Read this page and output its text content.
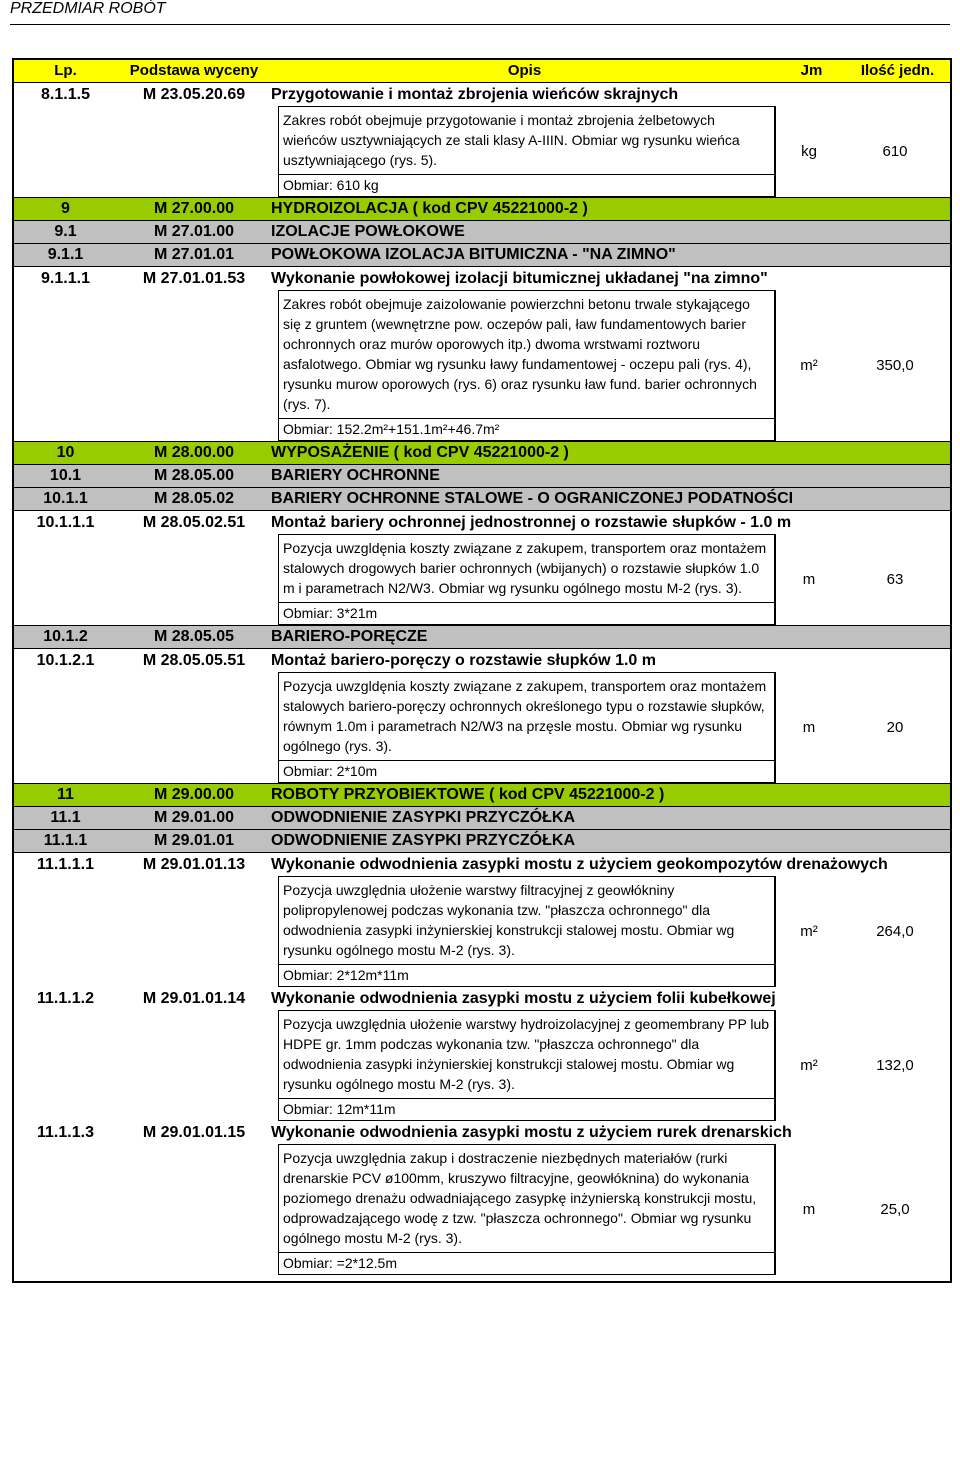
PRZEDMIAR ROBÓT
Lp.	Podstawa wyceny	Opis	Jm	Ilość jedn.
8.1.1.5	M 23.05.20.69	Przygotowanie i montaż zbrojenia wieńców skrajnych		

		Zakres robót obejmuje przygotowanie i montaż zbrojenia żelbetowych wieńców usztywniających ze stali klasy A-IIIN. Obmiar wg rysunku wieńca usztywniającego (rys. 5).
Obmiar: 610 kg
kg 610		

9	M 27.00.00	HYDROIZOLACJA ( kod CPV 45221000-2 )		
9.1	M 27.01.00	IZOLACJE POWŁOKOWE		
9.1.1	M 27.01.01	POWŁOKOWA IZOLACJA BITUMICZNA - "NA ZIMNO"		
9.1.1.1	M 27.01.01.53	Wykonanie powłokowej izolacji bitumicznej układanej "na zimno"		

		Zakres robót obejmuje zaizolowanie powierzchni betonu trwale stykającego się z gruntem (wewnętrzne pow. oczepów pali, ław fundamentowych barier ochronnych oraz murów oporowych itp.) dwoma wrstwami roztworu asfalotwego. Obmiar wg rysunku ławy fundamentowej - oczepu pali (rys. 4), rysunku murow oporowych (rys. 6) oraz rysunku ław fund. barier ochronnych (rys. 7).
Obmiar: 152.2m²+151.1m²+46.7m²
m² 350,0		

10	M 28.00.00	WYPOSAŻENIE ( kod CPV 45221000-2 )		
10.1	M 28.05.00	BARIERY OCHRONNE		
10.1.1	M 28.05.02	BARIERY OCHRONNE STALOWE - O OGRANICZONEJ PODATNOŚCI		
10.1.1.1	M 28.05.02.51	Montaż bariery ochronnej jednostronnej o rozstawie słupków - 1.0 m		

		Pozycja uwzgldęnia koszty związane z zakupem, transportem oraz montażem stalowych drogowych barier ochronnych (wbijanych) o rozstawie słupków 1.0 m i parametrach N2/W3. Obmiar wg rysunku ogólnego mostu M-2 (rys. 3).
Obmiar: 3*21m
m 63		

10.1.2	M 28.05.05	BARIERO-PORĘCZE		
10.1.2.1	M 28.05.05.51	Montaż bariero-poręczy o rozstawie słupków 1.0 m		

		Pozycja uwzgldęnia koszty związane z zakupem, transportem oraz montażem stalowych bariero-poręczy ochronnych określonego typu o rozstawie słupków, równym 1.0m i parametrach N2/W3 na przęsle mostu. Obmiar wg rysunku ogólnego (rys. 3).
Obmiar: 2*10m
m 20		

11	M 29.00.00	ROBOTY PRZYOBIEKTOWE ( kod CPV 45221000-2 )		
11.1	M 29.01.00	ODWODNIENIE ZASYPKI PRZYCZÓŁKA		
11.1.1	M 29.01.01	ODWODNIENIE ZASYPKI PRZYCZÓŁKA		
11.1.1.1	M 29.01.01.13	Wykonanie odwodnienia zasypki mostu z użyciem geokompozytów drenażowych		

		Pozycja uwzględnia ułożenie warstwy filtracyjnej z geowłókniny polipropylenowej podczas wykonania tzw. "płaszcza ochronnego" dla odwodnienia zasypki inżynierskiej konstrukcji stalowej mostu. Obmiar wg rysunku ogólnego mostu M-2 (rys. 3).
Obmiar: 2*12m*11m
m² 264,0		

11.1.1.2	M 29.01.01.14	Wykonanie odwodnienia zasypki mostu z użyciem folii kubełkowej		

		Pozycja uwzględnia ułożenie warstwy hydroizolacyjnej z geomembrany PP lub HDPE gr. 1mm podczas wykonania tzw. "płaszcza ochronnego" dla odwodnienia zasypki inżynierskiej konstrukcji stalowej mostu. Obmiar wg rysunku ogólnego mostu M-2 (rys. 3).
Obmiar: 12m*11m
m² 132,0		

11.1.1.3	M 29.01.01.15	Wykonanie odwodnienia zasypki mostu z użyciem rurek drenarskich		

		Pozycja uwzględnia zakup i dostraczenie niezbędnych materiałów (rurki drenarskie PCV ø100mm, kruszywo filtracyjne, geowłóknina) do wykonania poziomego drenażu odwadniającego zasypkę inżynierską konstrukcji mostu, odprowadzającego wodę z tzw. "płaszcza ochronnego". Obmiar wg rysunku ogólnego mostu M-2 (rys. 3).
Obmiar: =2*12.5m
m 25,0		
